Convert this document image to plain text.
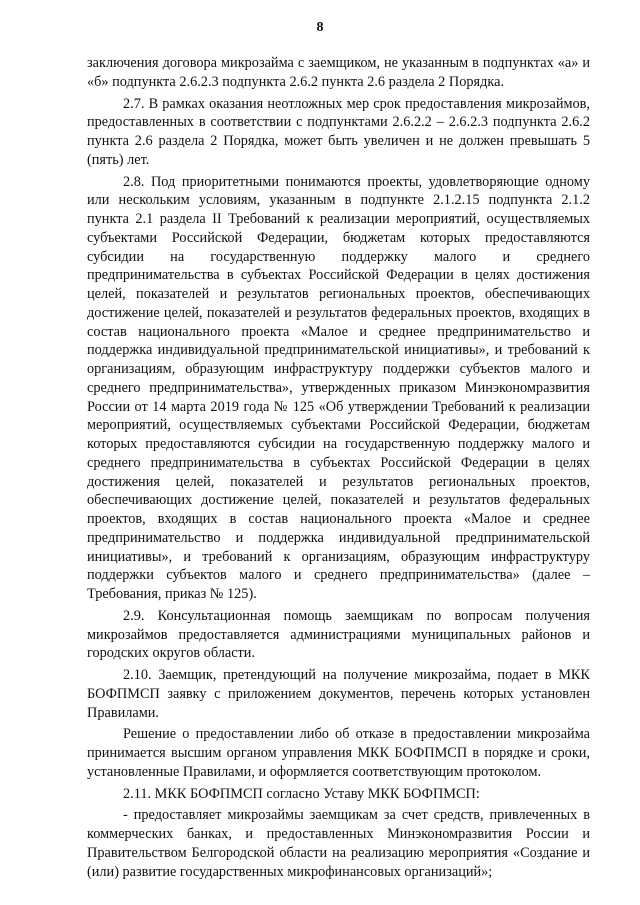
8

заключения договора микрозайма с заемщиком, не указанным в подпунктах «а» и «б» подпункта 2.6.2.3 подпункта 2.6.2 пункта 2.6 раздела 2 Порядка.

2.7. В рамках оказания неотложных мер срок предоставления микрозаймов, предоставленных в соответствии с подпунктами 2.6.2.2 – 2.6.2.3 подпункта 2.6.2 пункта 2.6 раздела 2 Порядка, может быть увеличен и не должен превышать 5 (пять) лет.

2.8. Под приоритетными понимаются проекты, удовлетворяющие одному или нескольким условиям, указанным в подпункте 2.1.2.15 подпункта 2.1.2 пункта 2.1 раздела II Требований к реализации мероприятий, осуществляемых субъектами Российской Федерации, бюджетам которых предоставляются субсидии на государственную поддержку малого и среднего предпринимательства в субъектах Российской Федерации в целях достижения целей, показателей и результатов региональных проектов, обеспечивающих достижение целей, показателей и результатов федеральных проектов, входящих в состав национального проекта «Малое и среднее предпринимательство и поддержка индивидуальной предпринимательской инициативы», и требований к организациям, образующим инфраструктуру поддержки субъектов малого и среднего предпринимательства», утвержденных приказом Минэкономразвития России от 14 марта 2019 года № 125 «Об утверждении Требований к реализации мероприятий, осуществляемых субъектами Российской Федерации, бюджетам которых предоставляются субсидии на государственную поддержку малого и среднего предпринимательства в субъектах Российской Федерации в целях достижения целей, показателей и результатов региональных проектов, обеспечивающих достижение целей, показателей и результатов федеральных проектов, входящих в состав национального проекта «Малое и среднее предпринимательство и поддержка индивидуальной предпринимательской инициативы», и требований к организациям, образующим инфраструктуру поддержки субъектов малого и среднего предпринимательства» (далее – Требования, приказ № 125).

2.9. Консультационная помощь заемщикам по вопросам получения микрозаймов предоставляется администрациями муниципальных районов и городских округов области.

2.10. Заемщик, претендующий на получение микрозайма, подает в МКК БОФПМСП заявку с приложением документов, перечень которых установлен Правилами.

Решение о предоставлении либо об отказе в предоставлении микрозайма принимается высшим органом управления МКК БОФПМСП в порядке и сроки, установленные Правилами, и оформляется соответствующим протоколом.

2.11. МКК БОФПМСП согласно Уставу МКК БОФПМСП:

- предоставляет микрозаймы заемщикам за счет средств, привлеченных в коммерческих банках, и предоставленных Минэкономразвития России и Правительством Белгородской области на реализацию мероприятия «Создание и (или) развитие государственных микрофинансовых организаций»;
